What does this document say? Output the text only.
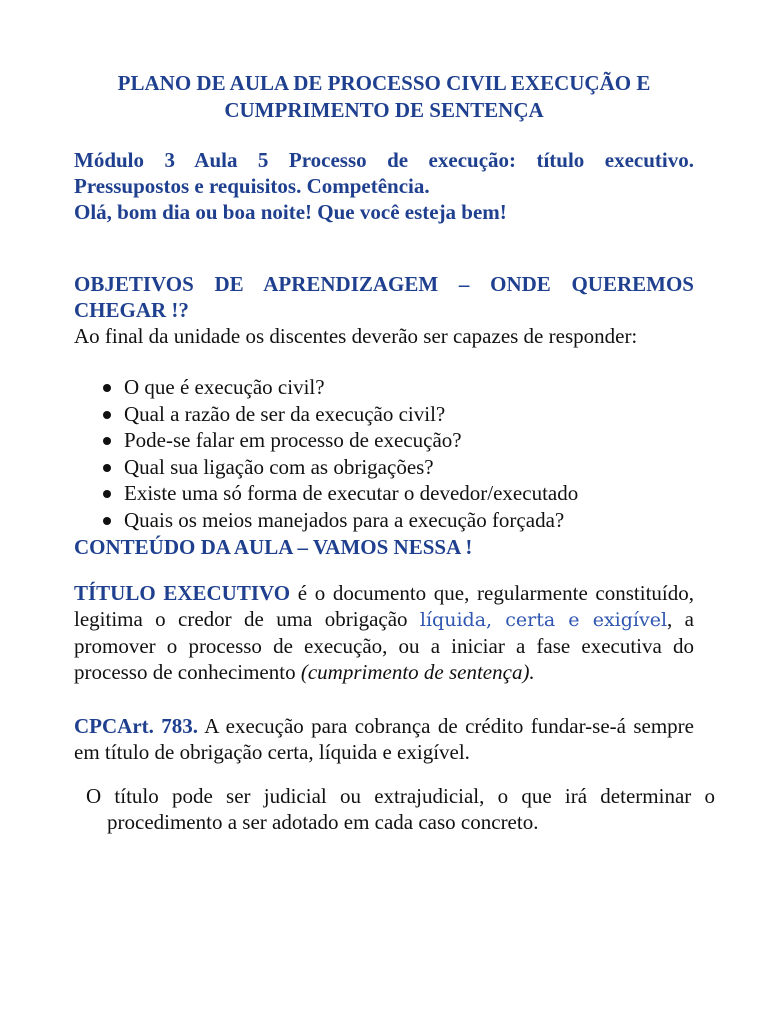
PLANO DE AULA DE PROCESSO CIVIL EXECUÇÃO E
CUMPRIMENTO DE SENTENÇA
Módulo 3 Aula 5 Processo de execução: título executivo.
Pressupostos e requisitos. Competência.
Olá, bom dia ou boa noite! Que você esteja bem!
OBJETIVOS DE APRENDIZAGEM – ONDE QUEREMOS CHEGAR !?
Ao final da unidade os discentes deverão ser capazes de responder:
O que é execução civil?
Qual a razão de ser da execução civil?
Pode-se falar em processo de execução?
Qual sua ligação com as obrigações?
Existe uma só forma de executar o devedor/executado
Quais os meios manejados para a execução forçada?
CONTEÚDO DA AULA – VAMOS NESSA !
TÍTULO EXECUTIVO é o documento que, regularmente constituído, legitima o credor de uma obrigação líquida, certa e exigível, a promover o processo de execução, ou a iniciar a fase executiva do processo de conhecimento (cumprimento de sentença).
CPCArt. 783. A execução para cobrança de crédito fundar-se-á sempre em título de obrigação certa, líquida e exigível.
O título pode ser judicial ou extrajudicial, o que irá determinar o procedimento a ser adotado em cada caso concreto.
